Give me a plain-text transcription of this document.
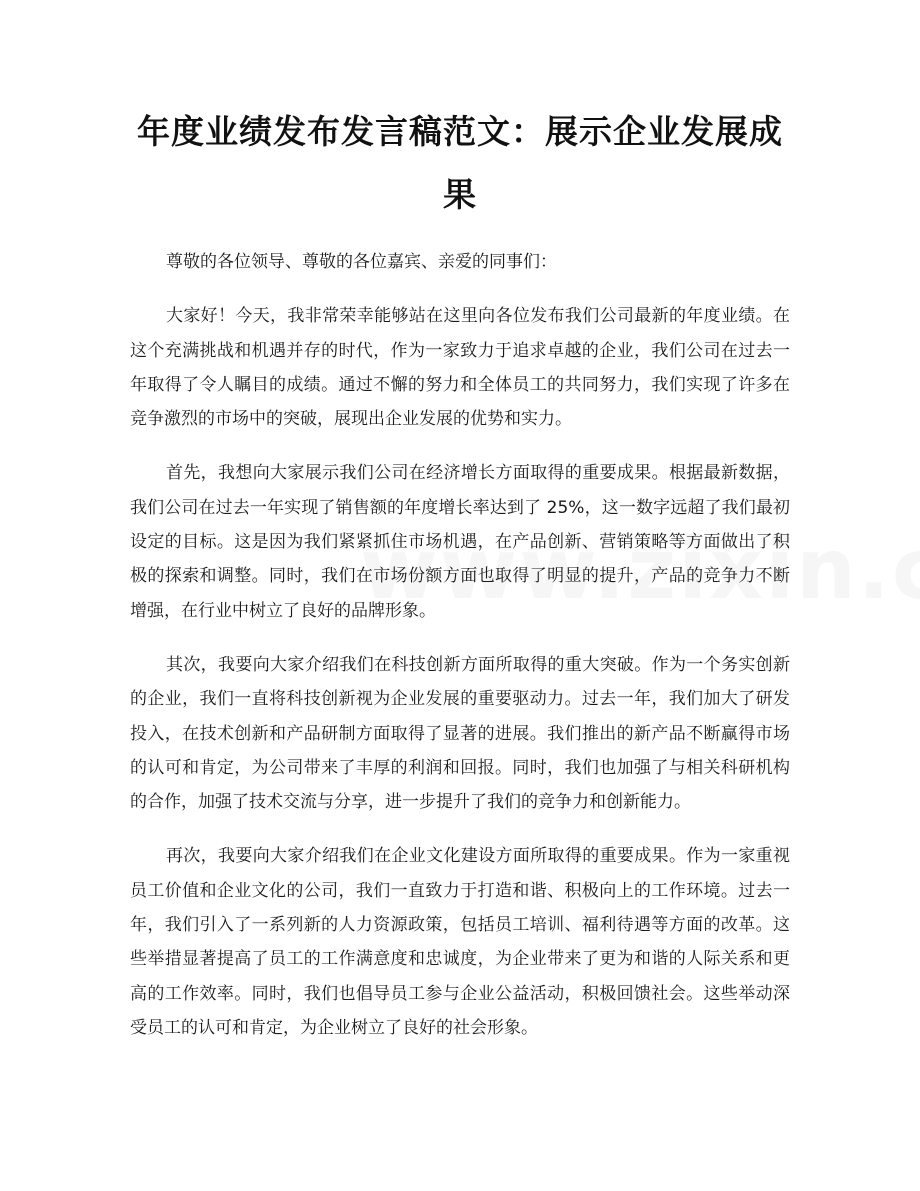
年度业绩发布发言稿范文：展示企业发展成果

尊敬的各位领导、尊敬的各位嘉宾、亲爱的同事们：

大家好！今天，我非常荣幸能够站在这里向各位发布我们公司最新的年度业绩。在这个充满挑战和机遇并存的时代，作为一家致力于追求卓越的企业，我们公司在过去一年取得了令人瞩目的成绩。通过不懈的努力和全体员工的共同努力，我们实现了许多在竞争激烈的市场中的突破，展现出企业发展的优势和实力。

首先，我想向大家展示我们公司在经济增长方面取得的重要成果。根据最新数据，我们公司在过去一年实现了销售额的年度增长率达到了 25%，这一数字远超了我们最初设定的目标。这是因为我们紧紧抓住市场机遇，在产品创新、营销策略等方面做出了积极的探索和调整。同时，我们在市场份额方面也取得了明显的提升，产品的竞争力不断增强，在行业中树立了良好的品牌形象。

其次，我要向大家介绍我们在科技创新方面所取得的重大突破。作为一个务实创新的企业，我们一直将科技创新视为企业发展的重要驱动力。过去一年，我们加大了研发投入，在技术创新和产品研制方面取得了显著的进展。我们推出的新产品不断赢得市场的认可和肯定，为公司带来了丰厚的利润和回报。同时，我们也加强了与相关科研机构的合作，加强了技术交流与分享，进一步提升了我们的竞争力和创新能力。

再次，我要向大家介绍我们在企业文化建设方面所取得的重要成果。作为一家重视员工价值和企业文化的公司，我们一直致力于打造和谐、积极向上的工作环境。过去一年，我们引入了一系列新的人力资源政策，包括员工培训、福利待遇等方面的改革。这些举措显著提高了员工的工作满意度和忠诚度，为企业带来了更为和谐的人际关系和更高的工作效率。同时，我们也倡导员工参与企业公益活动，积极回馈社会。这些举动深受员工的认可和肯定，为企业树立了良好的社会形象。
